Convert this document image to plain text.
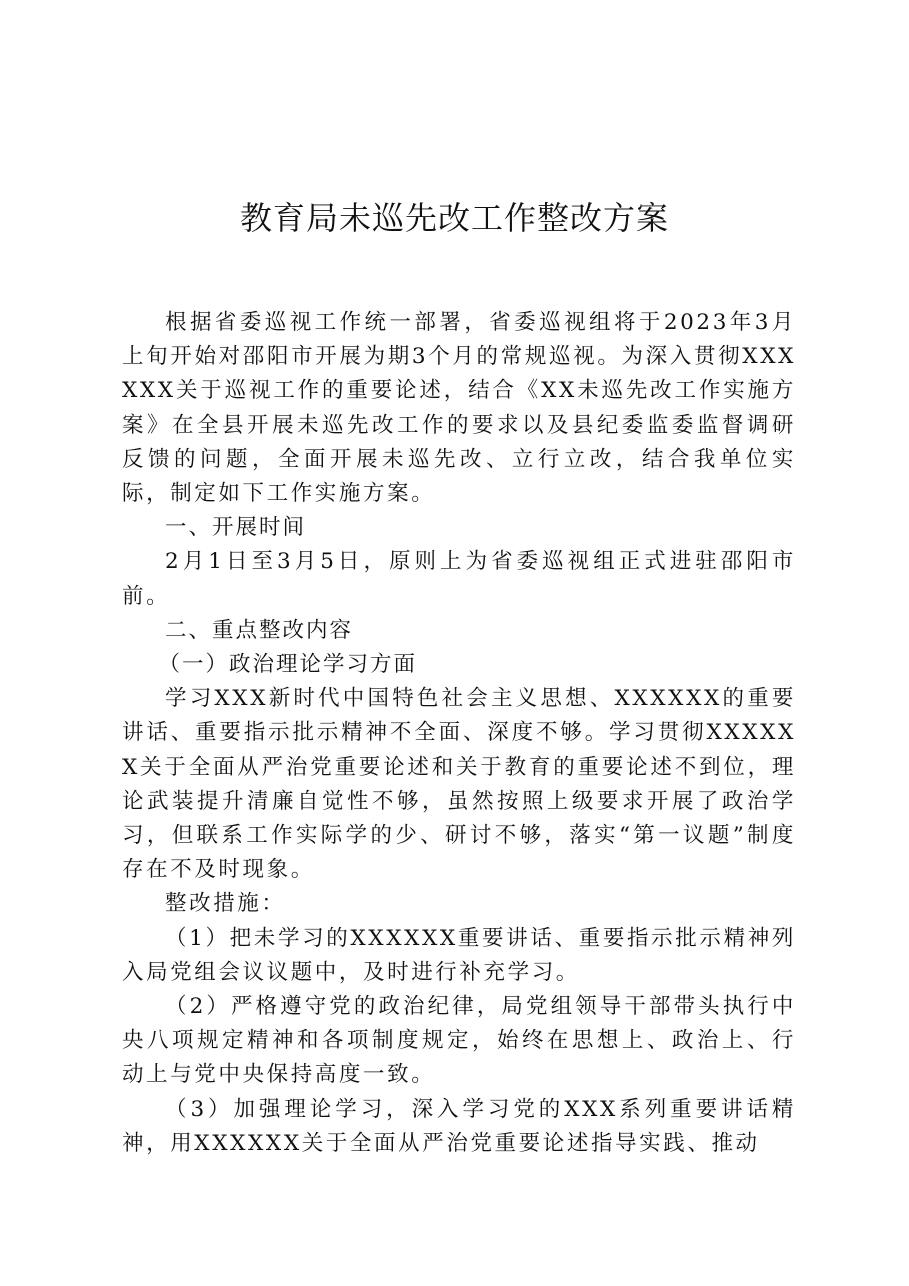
教育局未巡先改工作整改方案

根据省委巡视工作统一部署，省委巡视组将于2023年3月上旬开始对邵阳市开展为期3个月的常规巡视。为深入贯彻XXXXXX关于巡视工作的重要论述，结合《XX未巡先改工作实施方案》在全县开展未巡先改工作的要求以及县纪委监委监督调研反馈的问题，全面开展未巡先改、立行立改，结合我单位实际，制定如下工作实施方案。

一、开展时间

2月1日至3月5日，原则上为省委巡视组正式进驻邵阳市前。

二、重点整改内容

（一）政治理论学习方面

学习XXX新时代中国特色社会主义思想、XXXXXX的重要讲话、重要指示批示精神不全面、深度不够。学习贯彻XXXXXX关于全面从严治党重要论述和关于教育的重要论述不到位，理论武装提升清廉自觉性不够，虽然按照上级要求开展了政治学习，但联系工作实际学的少、研讨不够，落实“第一议题”制度存在不及时现象。

整改措施：

（1）把未学习的XXXXXX重要讲话、重要指示批示精神列入局党组会议议题中，及时进行补充学习。

（2）严格遵守党的政治纪律，局党组领导干部带头执行中央八项规定精神和各项制度规定，始终在思想上、政治上、行动上与党中央保持高度一致。

（3）加强理论学习，深入学习党的XXX系列重要讲话精神，用XXXXXX关于全面从严治党重要论述指导实践、推动
